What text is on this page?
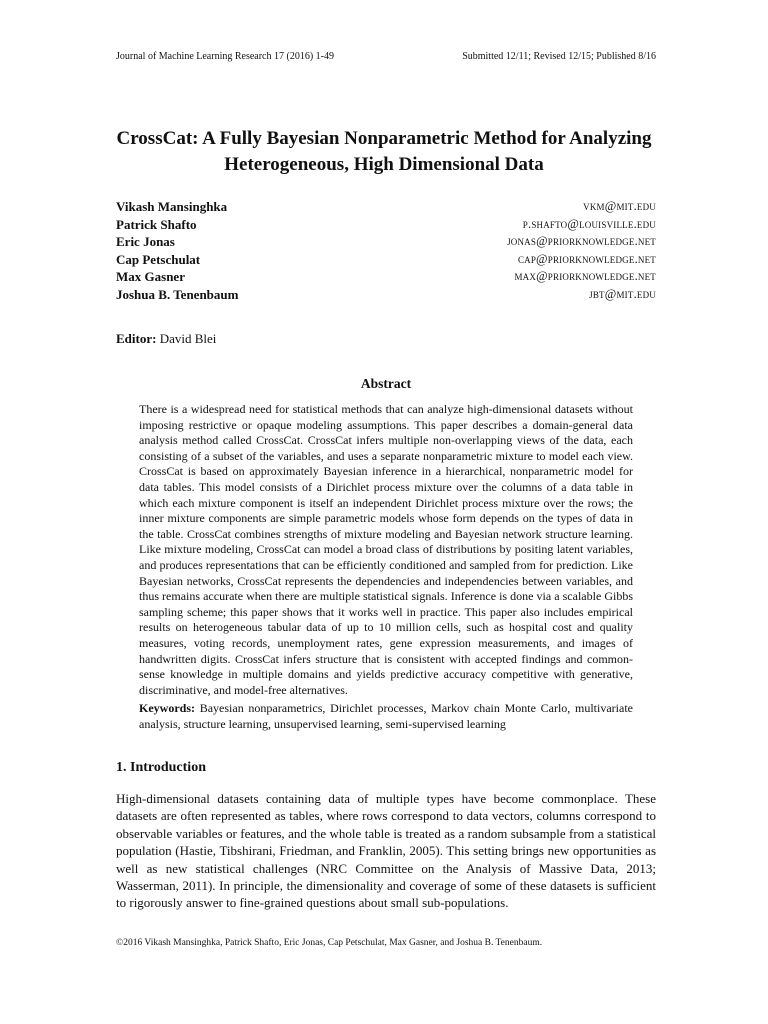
Journal of Machine Learning Research 17 (2016) 1-49	Submitted 12/11; Revised 12/15; Published 8/16
CrossCat: A Fully Bayesian Nonparametric Method for Analyzing
Heterogeneous, High Dimensional Data
Vikash Mansinghka	vkm@mit.edu
Patrick Shafto	p.shafto@louisville.edu
Eric Jonas	jonas@priorknowledge.net
Cap Petschulat	cap@priorknowledge.net
Max Gasner	max@priorknowledge.net
Joshua B. Tenenbaum	jbt@mit.edu
Editor: David Blei
Abstract
There is a widespread need for statistical methods that can analyze high-dimensional datasets without imposing restrictive or opaque modeling assumptions. This paper describes a domain-general data analysis method called CrossCat. CrossCat infers multiple non-overlapping views of the data, each consisting of a subset of the variables, and uses a separate nonparametric mixture to model each view. CrossCat is based on approximately Bayesian inference in a hierarchical, nonparametric model for data tables. This model consists of a Dirichlet process mixture over the columns of a data table in which each mixture component is itself an independent Dirichlet process mixture over the rows; the inner mixture components are simple parametric models whose form depends on the types of data in the table. CrossCat combines strengths of mixture modeling and Bayesian network structure learning. Like mixture modeling, CrossCat can model a broad class of distributions by positing latent variables, and produces representations that can be efficiently conditioned and sampled from for prediction. Like Bayesian networks, CrossCat represents the dependencies and independencies between variables, and thus remains accurate when there are multiple statistical signals. Inference is done via a scalable Gibbs sampling scheme; this paper shows that it works well in practice. This paper also includes empirical results on heterogeneous tabular data of up to 10 million cells, such as hospital cost and quality measures, voting records, unemployment rates, gene expression measurements, and images of handwritten digits. CrossCat infers structure that is consistent with accepted findings and common-sense knowledge in multiple domains and yields predictive accuracy competitive with generative, discriminative, and model-free alternatives.
Keywords: Bayesian nonparametrics, Dirichlet processes, Markov chain Monte Carlo, multivariate analysis, structure learning, unsupervised learning, semi-supervised learning
1. Introduction
High-dimensional datasets containing data of multiple types have become commonplace. These datasets are often represented as tables, where rows correspond to data vectors, columns correspond to observable variables or features, and the whole table is treated as a random subsample from a statistical population (Hastie, Tibshirani, Friedman, and Franklin, 2005). This setting brings new opportunities as well as new statistical challenges (NRC Committee on the Analysis of Massive Data, 2013; Wasserman, 2011). In principle, the dimensionality and coverage of some of these datasets is sufficient to rigorously answer to fine-grained questions about small sub-populations.
©2016 Vikash Mansinghka, Patrick Shafto, Eric Jonas, Cap Petschulat, Max Gasner, and Joshua B. Tenenbaum.
